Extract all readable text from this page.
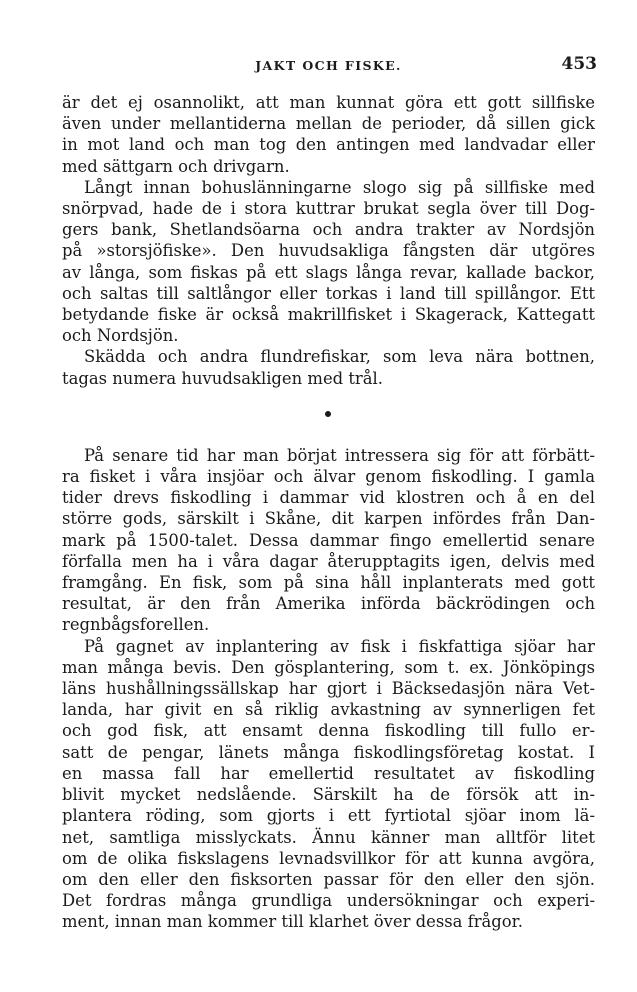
JAKT OCH FISKE.	453

är det ej osannolikt, att man kunnat göra ett gott sillfiske
även under mellantiderna mellan de perioder, då sillen gick
in mot land och man tog den antingen med landvadar eller
med sättgarn och drivgarn.

Långt innan bohuslänningarne slogo sig på sillfiske med
snörpvad, hade de i stora kuttrar brukat segla över till Dog-
gers bank, Shetlandsöarna och andra trakter av Nordsjön
på »storsjöfiske». Den huvudsakliga fångsten där utgöres
av långa, som fiskas på ett slags långa revar, kallade backor,
och saltas till saltlångor eller torkas i land till spillångor. Ett
betydande fiske är också makrillfisket i Skagerack, Kattegatt
och Nordsjön.

Skädda och andra flundrefiskar, som leva nära bottnen,
tagas numera huvudsakligen med trål.

På senare tid har man börjat intressera sig för att förbätt-
ra fisket i våra insjöar och älvar genom fiskodling. I gamla
tider drevs fiskodling i dammar vid klostren och å en del
större gods, särskilt i Skåne, dit karpen infördes från Dan-
mark på 1500-talet. Dessa dammar fingo emellertid senare
förfalla men ha i våra dagar återupptagits igen, delvis med
framgång. En fisk, som på sina håll inplanterats med gott
resultat, är den från Amerika införda bäckrödingen och
regnbågsforellen.

På gagnet av inplantering av fisk i fiskfattiga sjöar har
man många bevis. Den gösplantering, som t. ex. Jönköpings
läns hushållningssällskap har gjort i Bäcksedasjön nära Vet-
landa, har givit en så riklig avkastning av synnerligen fet
och god fisk, att ensamt denna fiskodling till fullo er-
satt de pengar, länets många fiskodlingsföretag kostat. I
en massa fall har emellertid resultatet av fiskodling
blivit mycket nedslående. Särskilt ha de försök att in-
plantera röding, som gjorts i ett fyrtiotal sjöar inom lä-
net, samtliga misslyckats. Ännu känner man alltför litet
om de olika fiskslagens levnadsvillkor för att kunna avgöra,
om den eller den fisksorten passar för den eller den sjön.
Det fordras många grundliga undersökningar och experi-
ment, innan man kommer till klarhet över dessa frågor.
